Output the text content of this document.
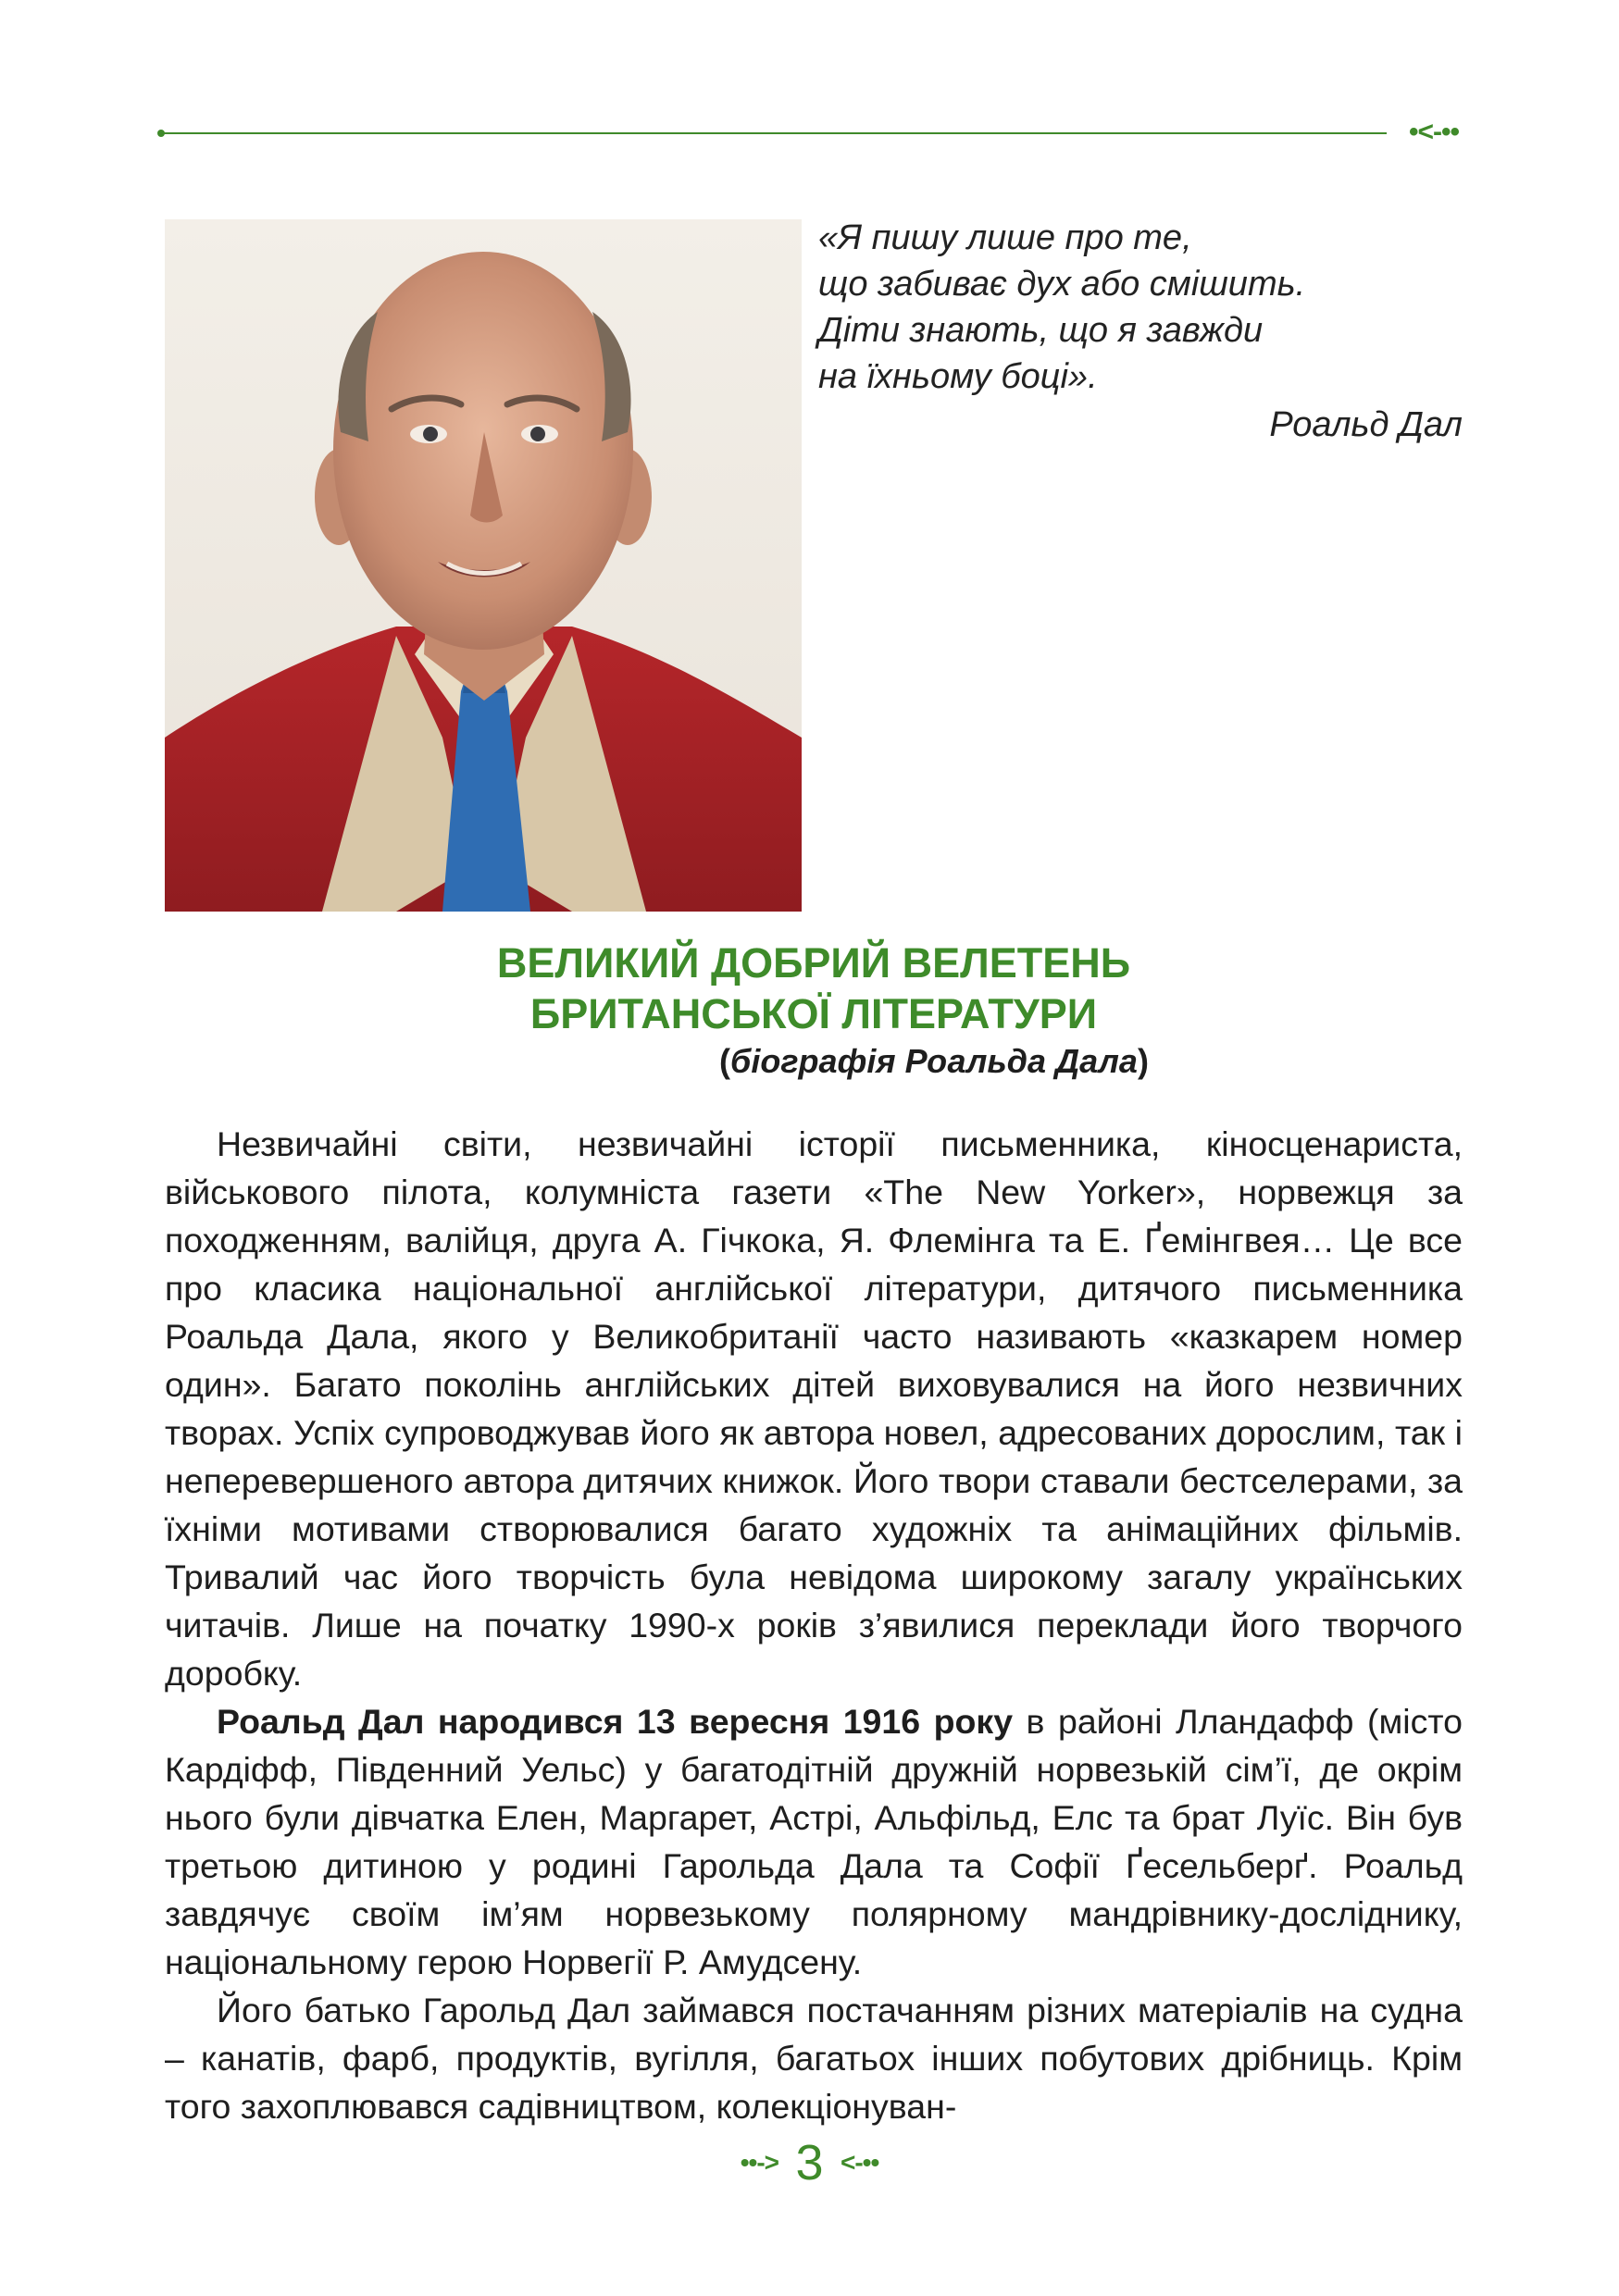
•<-••
«Я пишу лише про те,
що забиває дух або смішить.
Діти знають, що я завжди
на їхньому боці».
Роальд Дал
ВЕЛИКИЙ ДОБРИЙ ВЕЛЕТЕНЬ
БРИТАНСЬКОЇ ЛІТЕРАТУРИ
(біографія Роальда Дала)

Незвичайні світи, незвичайні історії письменника, кіносценариста, військового пілота, колумніста газети «The New Yorker», норвежця за походженням, валійця, друга А. Гічкока, Я. Флемінга та Е. Ґемінгвея… Це все про класика національної англійської літератури, дитячого письменника Роальда Дала, якого у Великобританії часто називають «казкарем номер один». Багато поколінь англійських дітей виховувалися на його незвичних творах. Успіх супроводжував його як автора новел, адресованих дорослим, так і неперевершеного автора дитячих книжок. Його твори ставали бестселерами, за їхніми мотивами створювалися багато художніх та анімаційних фільмів. Тривалий час його творчість була невідома широкому загалу українських читачів. Лише на початку 1990-х років з’явилися переклади його творчого доробку.

Роальд Дал народився 13 вересня 1916 року в районі Лландафф (місто Кардіфф, Південний Уельс) у багатодітній дружній норвезькій сім’ї, де окрім нього були дівчатка Елен, Маргарет, Астрі, Альфільд, Елс та брат Луїс. Він був третьою дитиною у родині Гарольда Дала та Софії Ґесельберґ. Роальд завдячує своїм ім’ям норвезькому полярному мандрівнику-досліднику, національному герою Норвегії Р. Амудсену.

Його батько Гарольд Дал займався постачанням різних матеріалів на судна – канатів, фарб, продуктів, вугілля, багатьох інших побутових дрібниць. Крім того захоплювався садівництвом, колекціонуван-

••-> 3 <-••
